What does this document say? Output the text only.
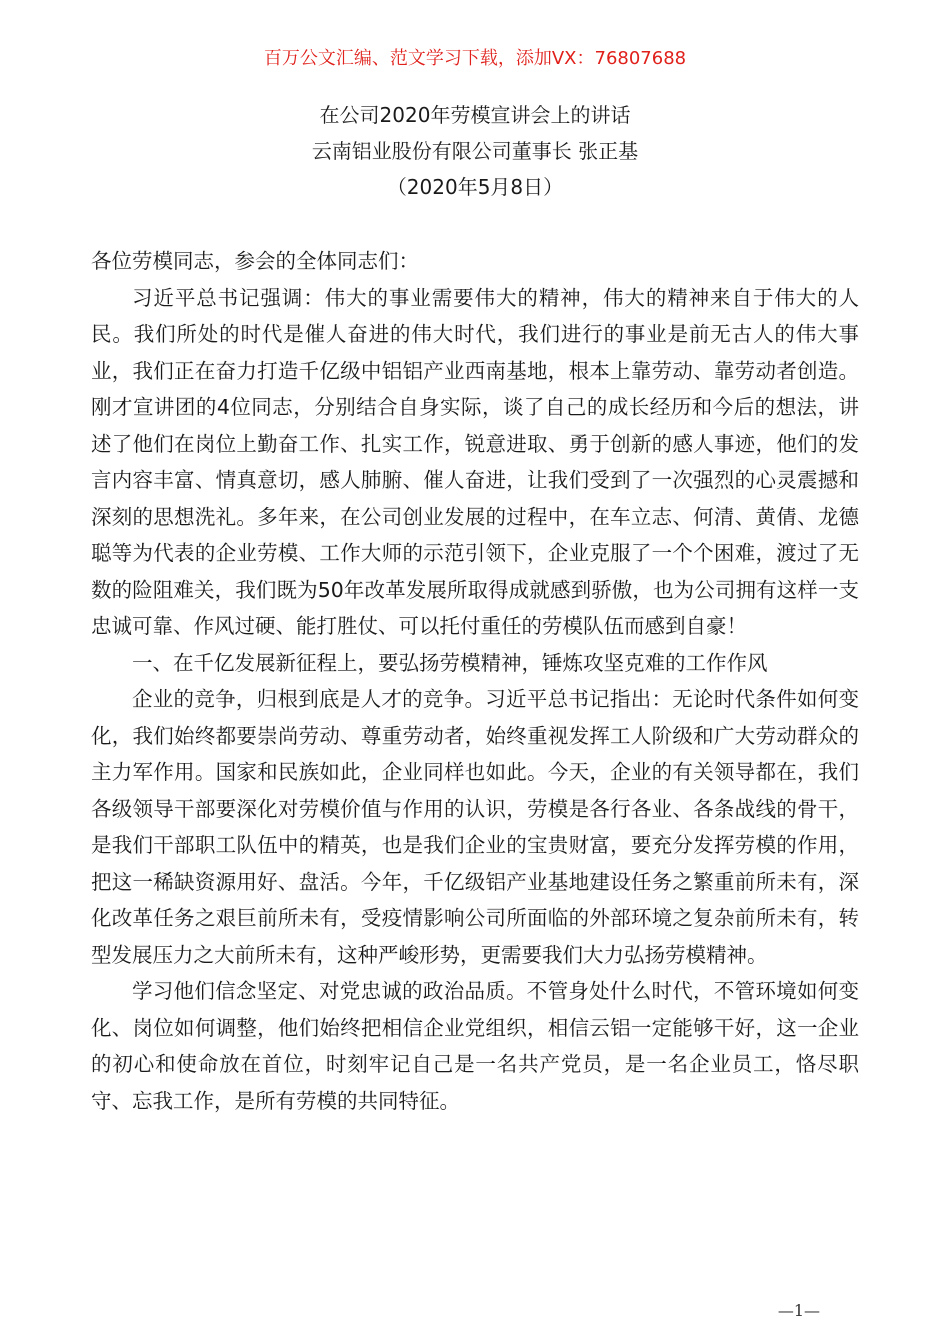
百万公文汇编、范文学习下载，添加VX：76807688
在公司2020年劳模宣讲会上的讲话
云南铝业股份有限公司董事长 张正基
（2020年5月8日）

各位劳模同志，参会的全体同志们：

习近平总书记强调：伟大的事业需要伟大的精神，伟大的精神来自于伟大的人民。我们所处的时代是催人奋进的伟大时代，我们进行的事业是前无古人的伟大事业，我们正在奋力打造千亿级中铝铝产业西南基地，根本上靠劳动、靠劳动者创造。刚才宣讲团的4位同志，分别结合自身实际，谈了自己的成长经历和今后的想法，讲述了他们在岗位上勤奋工作、扎实工作，锐意进取、勇于创新的感人事迹，他们的发言内容丰富、情真意切，感人肺腑、催人奋进，让我们受到了一次强烈的心灵震撼和深刻的思想洗礼。多年来，在公司创业发展的过程中，在车立志、何清、黄倩、龙德聪等为代表的企业劳模、工作大师的示范引领下，企业克服了一个个困难，渡过了无数的险阻难关，我们既为50年改革发展所取得成就感到骄傲，也为公司拥有这样一支忠诚可靠、作风过硬、能打胜仗、可以托付重任的劳模队伍而感到自豪！

一、在千亿发展新征程上，要弘扬劳模精神，锤炼攻坚克难的工作作风

企业的竞争，归根到底是人才的竞争。习近平总书记指出：无论时代条件如何变化，我们始终都要崇尚劳动、尊重劳动者，始终重视发挥工人阶级和广大劳动群众的主力军作用。国家和民族如此，企业同样也如此。今天，企业的有关领导都在，我们各级领导干部要深化对劳模价值与作用的认识，劳模是各行各业、各条战线的骨干，是我们干部职工队伍中的精英，也是我们企业的宝贵财富，要充分发挥劳模的作用，把这一稀缺资源用好、盘活。今年，千亿级铝产业基地建设任务之繁重前所未有，深化改革任务之艰巨前所未有，受疫情影响公司所面临的外部环境之复杂前所未有，转型发展压力之大前所未有，这种严峻形势，更需要我们大力弘扬劳模精神。

学习他们信念坚定、对党忠诚的政治品质。不管身处什么时代，不管环境如何变化、岗位如何调整，他们始终把相信企业党组织，相信云铝一定能够干好，这一企业的初心和使命放在首位，时刻牢记自己是一名共产党员，是一名企业员工，恪尽职守、忘我工作，是所有劳模的共同特征。

—1—
